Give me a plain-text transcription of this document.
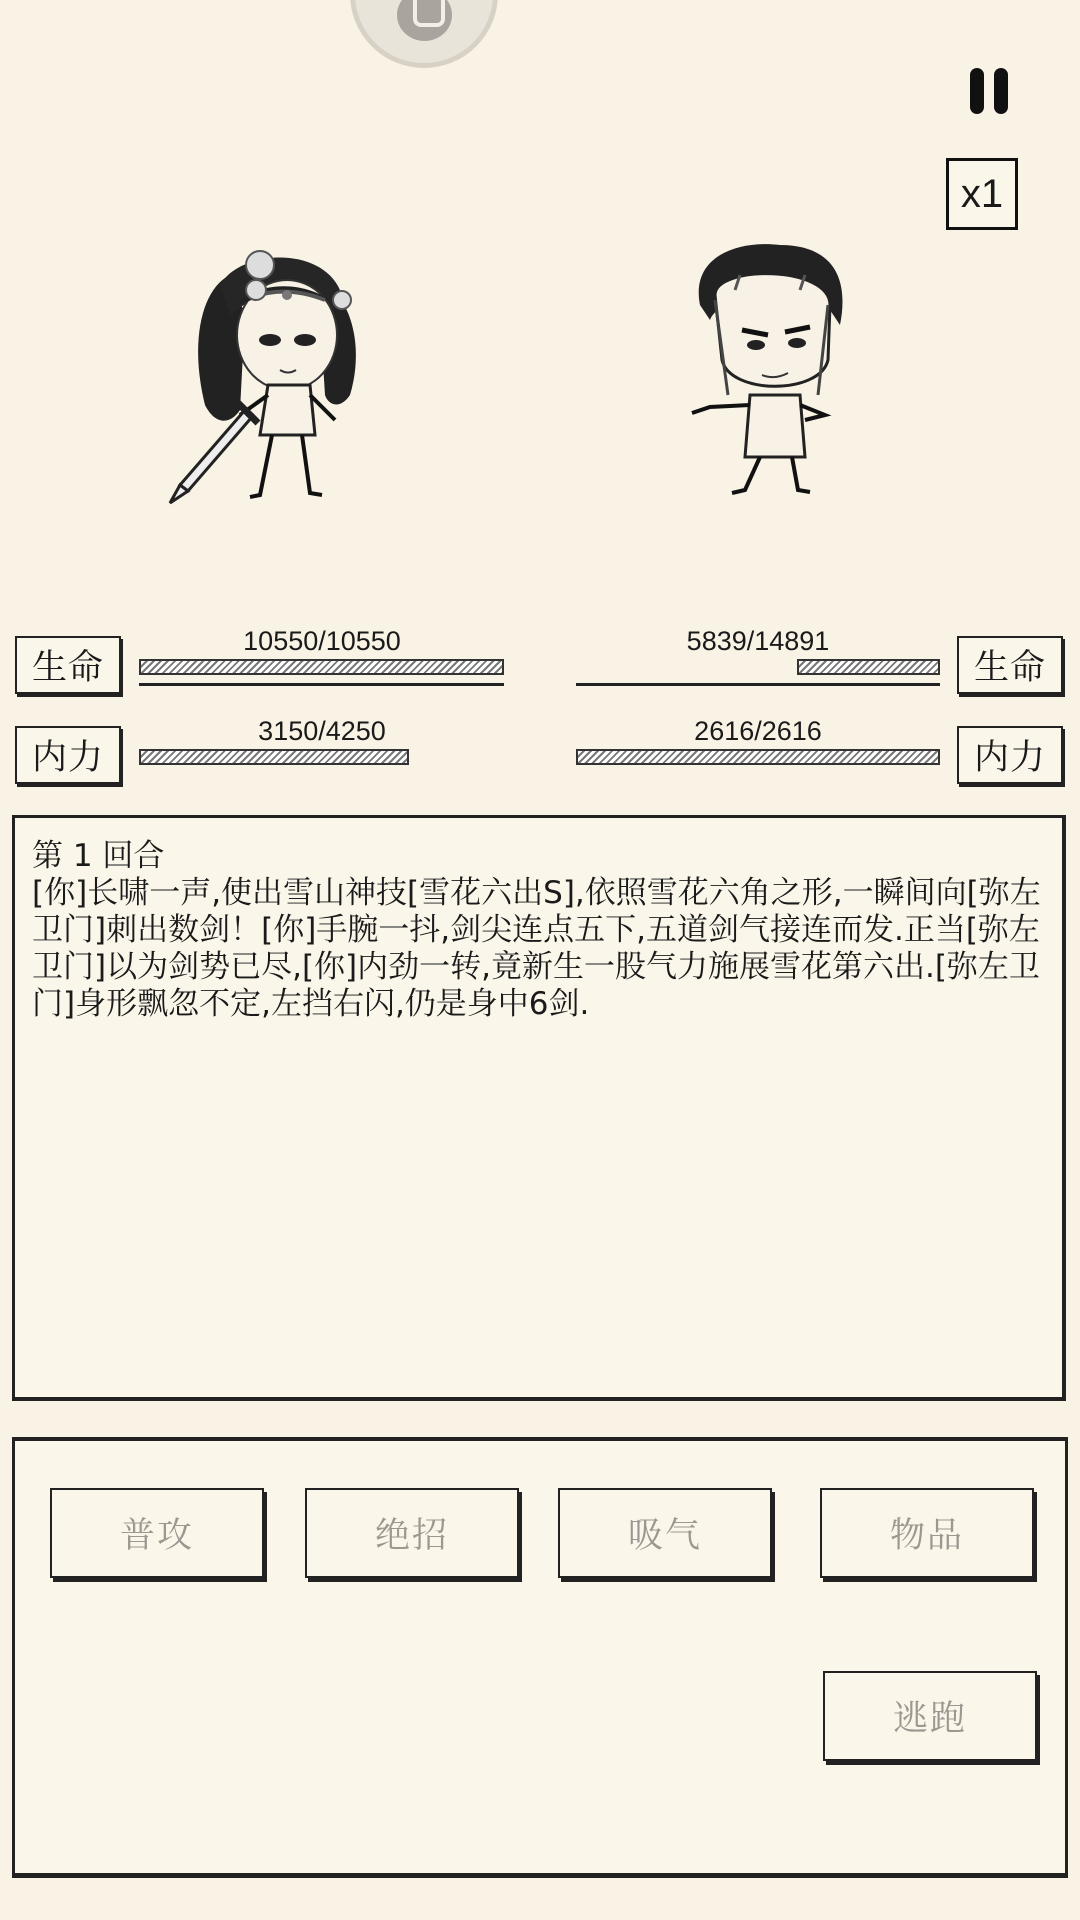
x1
生命
10550/10550
内力
3150/4250
生命
5839/14891
内力
2616/2616

第 1 回合

[你]长啸一声,使出雪山神技[雪花六出S],依照雪花六角之形,一瞬间向[弥左卫门]刺出数剑！[你]手腕一抖,剑尖连点五下,五道剑气接连而发.正当[弥左卫门]以为剑势已尽,[你]内劲一转,竟新生一股气力施展雪花第六出.[弥左卫门]身形飘忽不定,左挡右闪,仍是身中6剑.

普攻	绝招	吸气	物品
逃跑
